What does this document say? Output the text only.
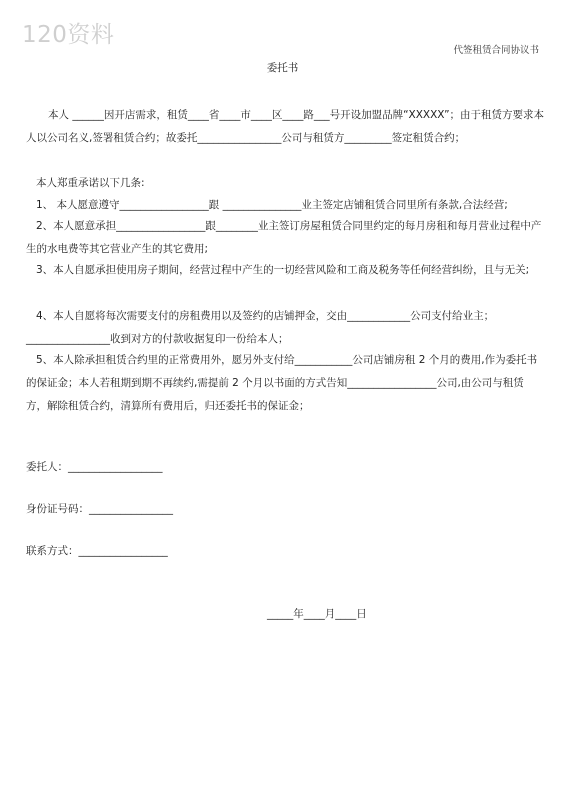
120资料
代签租赁合同协议书
委托书

本人 ______因开店需求，租赁____省____市____区____路___号开设加盟品牌“XXXXX”；由于租赁方要求本人以公司名义,签署租赁合约；故委托________________公司与租赁方_________签定租赁合约；

本人郑重承诺以下几条:

1、 本人愿意遵守_________________跟 _______________业主签定店铺租赁合同里所有条款,合法经营;

2、本人愿意承担_________________跟________业主签订房屋租赁合同里约定的每月房租和每月营业过程中产生的水电费等其它营业产生的其它费用;

3、本人自愿承担使用房子期间，经营过程中产生的一切经营风险和工商及税务等任何经营纠纷，且与无关;

4、本人自愿将每次需要支付的房租费用以及签约的店铺押金，交由____________公司支付给业主；________________收到对方的付款收据复印一份给本人；

5、本人除承担租赁合约里的正常费用外，愿另外支付给___________公司店铺房租 2 个月的费用,作为委托书的保证金；本人若租期到期不再续约,需提前 2 个月以书面的方式告知_________________公司,由公司与租赁方，解除租赁合约，清算所有费用后，归还委托书的保证金；

委托人：__________________
身份证号码：________________
联系方式：_________________
_____年____月____日
